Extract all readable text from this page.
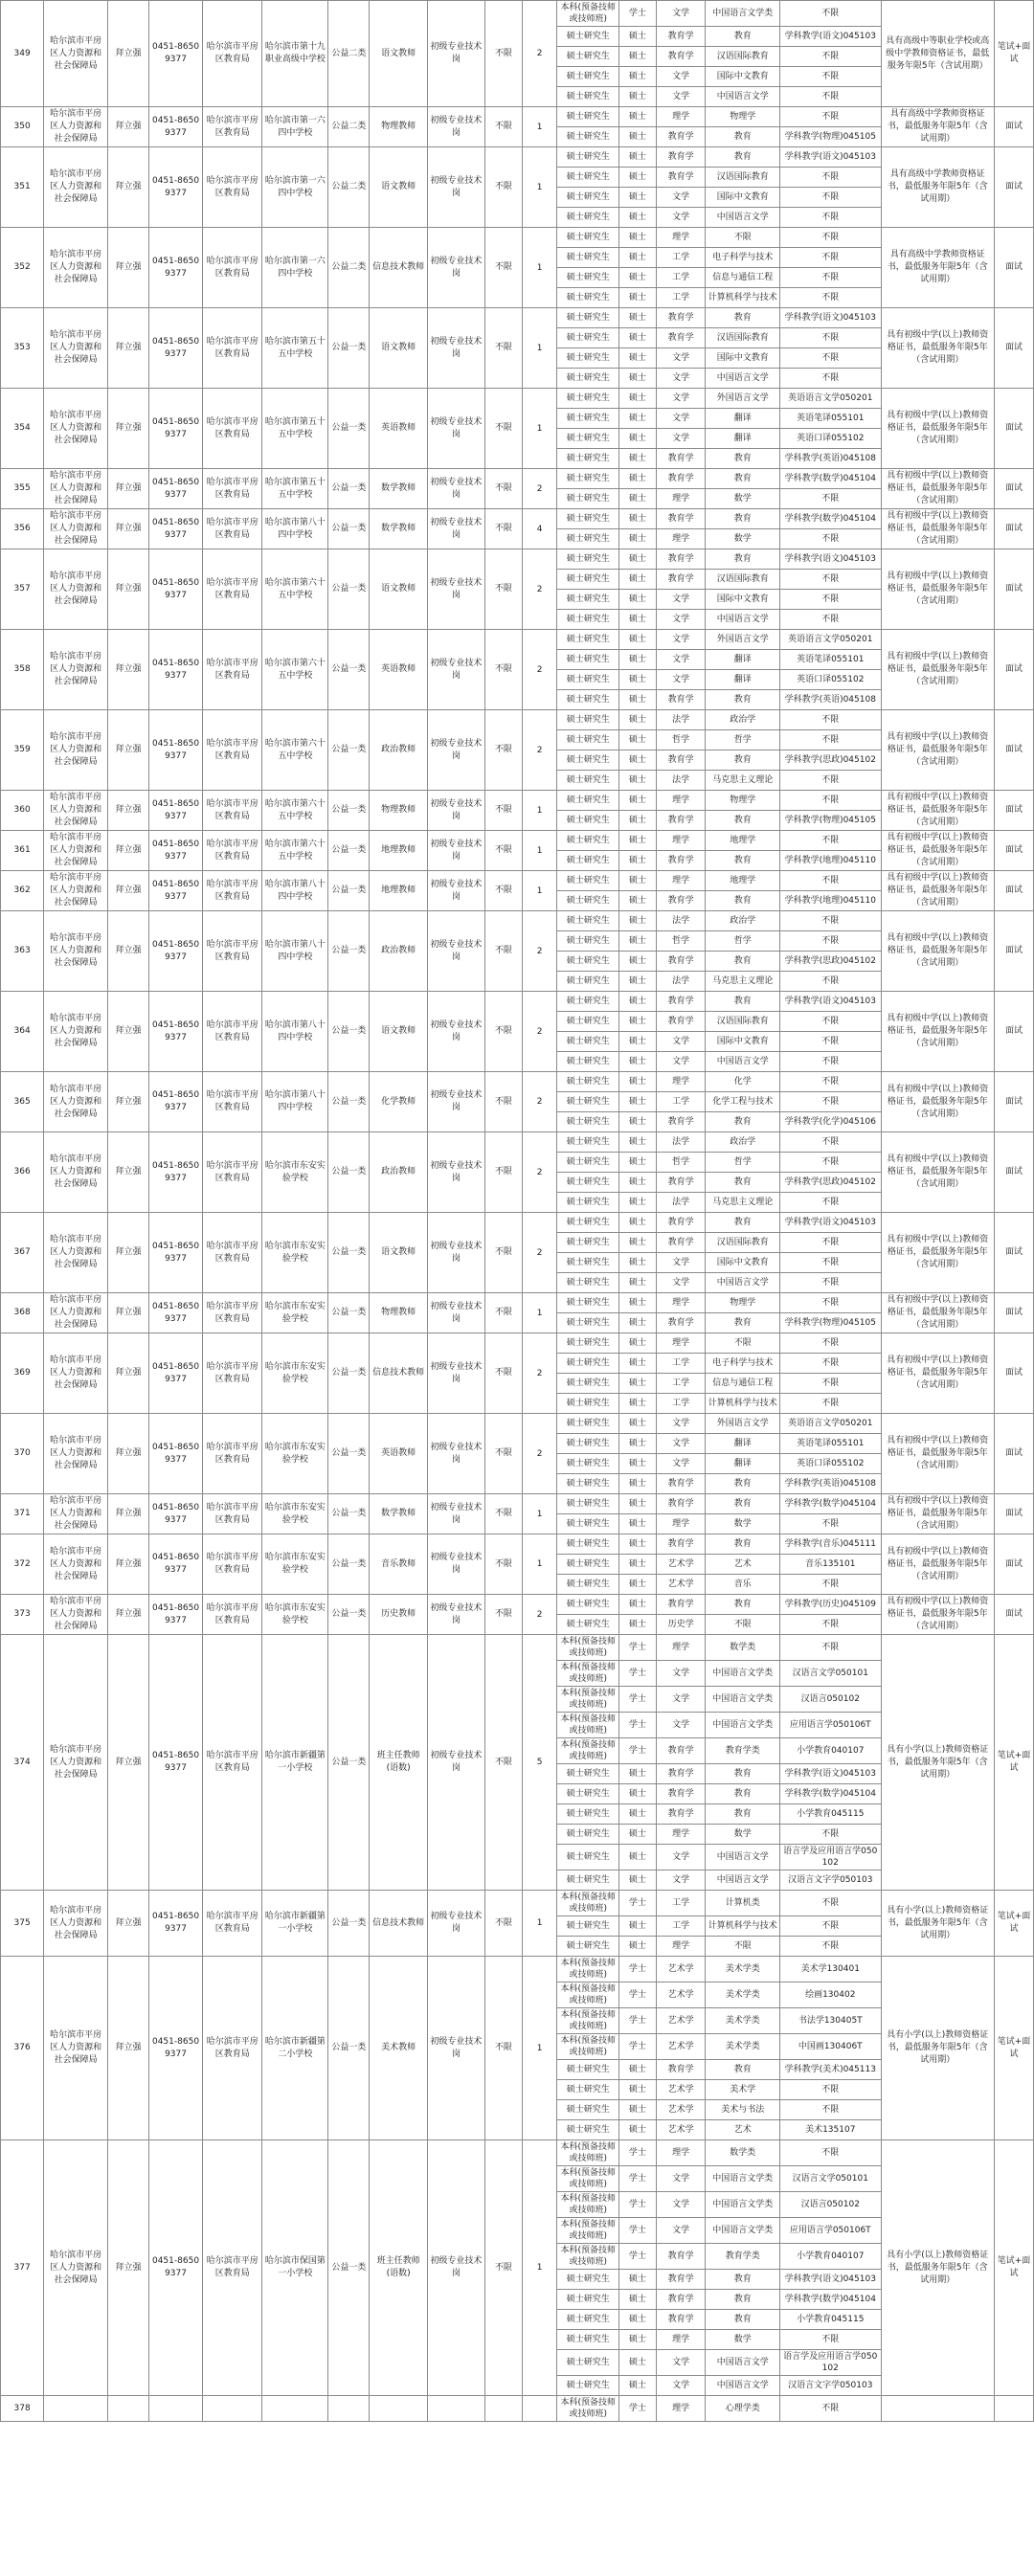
349	哈尔滨市平房区人力资源和社会保障局	拜立强	0451-86509377	哈尔滨市平房区教育局	哈尔滨市第十九职业高级中学校	公益二类	语文教师	初级专业技术岗	不限	2	本科(预备技师或技师班)	学士	文学	中国语言文学类	不限	具有高级中等职业学校或高级中学教师资格证书，最低服务年限5年（含试用期）	笔试+面试
											硕士研究生	硕士	教育学	教育	学科教学(语文)045103		
											硕士研究生	硕士	教育学	汉语国际教育	不限		
											硕士研究生	硕士	文学	国际中文教育	不限		
											硕士研究生	硕士	文学	中国语言文学	不限		
350	哈尔滨市平房区人力资源和社会保障局	拜立强	0451-86509377	哈尔滨市平房区教育局	哈尔滨市第一六四中学校	公益二类	物理教师	初级专业技术岗	不限	1	硕士研究生	硕士	理学	物理学	不限	具有高级中学教师资格证书，最低服务年限5年（含试用期）	面试
											硕士研究生	硕士	教育学	教育	学科教学(物理)045105		
351	哈尔滨市平房区人力资源和社会保障局	拜立强	0451-86509377	哈尔滨市平房区教育局	哈尔滨市第一六四中学校	公益二类	语文教师	初级专业技术岗	不限	1	硕士研究生	硕士	教育学	教育	学科教学(语文)045103	具有高级中学教师资格证书，最低服务年限5年（含试用期）	面试
											硕士研究生	硕士	教育学	汉语国际教育	不限		
											硕士研究生	硕士	文学	国际中文教育	不限		
											硕士研究生	硕士	文学	中国语言文学	不限		
352	哈尔滨市平房区人力资源和社会保障局	拜立强	0451-86509377	哈尔滨市平房区教育局	哈尔滨市第一六四中学校	公益二类	信息技术教师	初级专业技术岗	不限	1	硕士研究生	硕士	理学	不限	不限	具有高级中学教师资格证书，最低服务年限5年（含试用期）	面试
											硕士研究生	硕士	工学	电子科学与技术	不限		
											硕士研究生	硕士	工学	信息与通信工程	不限		
											硕士研究生	硕士	工学	计算机科学与技术	不限		
353	哈尔滨市平房区人力资源和社会保障局	拜立强	0451-86509377	哈尔滨市平房区教育局	哈尔滨市第五十五中学校	公益一类	语文教师	初级专业技术岗	不限	1	硕士研究生	硕士	教育学	教育	学科教学(语文)045103	具有初级中学(以上)教师资格证书，最低服务年限5年（含试用期）	面试
											硕士研究生	硕士	教育学	汉语国际教育	不限		
											硕士研究生	硕士	文学	国际中文教育	不限		
											硕士研究生	硕士	文学	中国语言文学	不限		
354	哈尔滨市平房区人力资源和社会保障局	拜立强	0451-86509377	哈尔滨市平房区教育局	哈尔滨市第五十五中学校	公益一类	英语教师	初级专业技术岗	不限	1	硕士研究生	硕士	文学	外国语言文学	英语语言文学050201	具有初级中学(以上)教师资格证书，最低服务年限5年（含试用期）	面试
											硕士研究生	硕士	文学	翻译	英语笔译055101		
											硕士研究生	硕士	文学	翻译	英语口译055102		
											硕士研究生	硕士	教育学	教育	学科教学(英语)045108		
355	哈尔滨市平房区人力资源和社会保障局	拜立强	0451-86509377	哈尔滨市平房区教育局	哈尔滨市第五十五中学校	公益一类	数学教师	初级专业技术岗	不限	2	硕士研究生	硕士	教育学	教育	学科教学(数学)045104	具有初级中学(以上)教师资格证书，最低服务年限5年（含试用期）	面试
											硕士研究生	硕士	理学	数学	不限		
356	哈尔滨市平房区人力资源和社会保障局	拜立强	0451-86509377	哈尔滨市平房区教育局	哈尔滨市第八十四中学校	公益一类	数学教师	初级专业技术岗	不限	4	硕士研究生	硕士	教育学	教育	学科教学(数学)045104	具有初级中学(以上)教师资格证书，最低服务年限5年（含试用期）	面试
											硕士研究生	硕士	理学	数学	不限		
357	哈尔滨市平房区人力资源和社会保障局	拜立强	0451-86509377	哈尔滨市平房区教育局	哈尔滨市第六十五中学校	公益一类	语文教师	初级专业技术岗	不限	2	硕士研究生	硕士	教育学	教育	学科教学(语文)045103	具有初级中学(以上)教师资格证书，最低服务年限5年（含试用期）	面试
											硕士研究生	硕士	教育学	汉语国际教育	不限		
											硕士研究生	硕士	文学	国际中文教育	不限		
											硕士研究生	硕士	文学	中国语言文学	不限		
358	哈尔滨市平房区人力资源和社会保障局	拜立强	0451-86509377	哈尔滨市平房区教育局	哈尔滨市第六十五中学校	公益一类	英语教师	初级专业技术岗	不限	2	硕士研究生	硕士	文学	外国语言文学	英语语言文学050201	具有初级中学(以上)教师资格证书，最低服务年限5年（含试用期）	面试
											硕士研究生	硕士	文学	翻译	英语笔译055101		
											硕士研究生	硕士	文学	翻译	英语口译055102		
											硕士研究生	硕士	教育学	教育	学科教学(英语)045108		
359	哈尔滨市平房区人力资源和社会保障局	拜立强	0451-86509377	哈尔滨市平房区教育局	哈尔滨市第六十五中学校	公益一类	政治教师	初级专业技术岗	不限	2	硕士研究生	硕士	法学	政治学	不限	具有初级中学(以上)教师资格证书，最低服务年限5年（含试用期）	面试
											硕士研究生	硕士	哲学	哲学	不限		
											硕士研究生	硕士	教育学	教育	学科教学(思政)045102		
											硕士研究生	硕士	法学	马克思主义理论	不限		
360	哈尔滨市平房区人力资源和社会保障局	拜立强	0451-86509377	哈尔滨市平房区教育局	哈尔滨市第六十五中学校	公益一类	物理教师	初级专业技术岗	不限	1	硕士研究生	硕士	理学	物理学	不限	具有初级中学(以上)教师资格证书，最低服务年限5年（含试用期）	面试
											硕士研究生	硕士	教育学	教育	学科教学(物理)045105		
361	哈尔滨市平房区人力资源和社会保障局	拜立强	0451-86509377	哈尔滨市平房区教育局	哈尔滨市第六十五中学校	公益一类	地理教师	初级专业技术岗	不限	1	硕士研究生	硕士	理学	地理学	不限	具有初级中学(以上)教师资格证书，最低服务年限5年（含试用期）	面试
											硕士研究生	硕士	教育学	教育	学科教学(地理)045110		
362	哈尔滨市平房区人力资源和社会保障局	拜立强	0451-86509377	哈尔滨市平房区教育局	哈尔滨市第八十四中学校	公益一类	地理教师	初级专业技术岗	不限	1	硕士研究生	硕士	理学	地理学	不限	具有初级中学(以上)教师资格证书，最低服务年限5年（含试用期）	面试
											硕士研究生	硕士	教育学	教育	学科教学(地理)045110		
363	哈尔滨市平房区人力资源和社会保障局	拜立强	0451-86509377	哈尔滨市平房区教育局	哈尔滨市第八十四中学校	公益一类	政治教师	初级专业技术岗	不限	2	硕士研究生	硕士	法学	政治学	不限	具有初级中学(以上)教师资格证书，最低服务年限5年（含试用期）	面试
											硕士研究生	硕士	哲学	哲学	不限		
											硕士研究生	硕士	教育学	教育	学科教学(思政)045102		
											硕士研究生	硕士	法学	马克思主义理论	不限		
364	哈尔滨市平房区人力资源和社会保障局	拜立强	0451-86509377	哈尔滨市平房区教育局	哈尔滨市第八十四中学校	公益一类	语文教师	初级专业技术岗	不限	2	硕士研究生	硕士	教育学	教育	学科教学(语文)045103	具有初级中学(以上)教师资格证书，最低服务年限5年（含试用期）	面试
											硕士研究生	硕士	教育学	汉语国际教育	不限		
											硕士研究生	硕士	文学	国际中文教育	不限		
											硕士研究生	硕士	文学	中国语言文学	不限		
365	哈尔滨市平房区人力资源和社会保障局	拜立强	0451-86509377	哈尔滨市平房区教育局	哈尔滨市第八十四中学校	公益一类	化学教师	初级专业技术岗	不限	2	硕士研究生	硕士	理学	化学	不限	具有初级中学(以上)教师资格证书，最低服务年限5年（含试用期）	面试
											硕士研究生	硕士	工学	化学工程与技术	不限		
											硕士研究生	硕士	教育学	教育	学科教学(化学)045106		
366	哈尔滨市平房区人力资源和社会保障局	拜立强	0451-86509377	哈尔滨市平房区教育局	哈尔滨市东安实验学校	公益一类	政治教师	初级专业技术岗	不限	2	硕士研究生	硕士	法学	政治学	不限	具有初级中学(以上)教师资格证书，最低服务年限5年（含试用期）	面试
											硕士研究生	硕士	哲学	哲学	不限		
											硕士研究生	硕士	教育学	教育	学科教学(思政)045102		
											硕士研究生	硕士	法学	马克思主义理论	不限		
367	哈尔滨市平房区人力资源和社会保障局	拜立强	0451-86509377	哈尔滨市平房区教育局	哈尔滨市东安实验学校	公益一类	语文教师	初级专业技术岗	不限	2	硕士研究生	硕士	教育学	教育	学科教学(语文)045103	具有初级中学(以上)教师资格证书，最低服务年限5年（含试用期）	面试
											硕士研究生	硕士	教育学	汉语国际教育	不限		
											硕士研究生	硕士	文学	国际中文教育	不限		
											硕士研究生	硕士	文学	中国语言文学	不限		
368	哈尔滨市平房区人力资源和社会保障局	拜立强	0451-86509377	哈尔滨市平房区教育局	哈尔滨市东安实验学校	公益一类	物理教师	初级专业技术岗	不限	1	硕士研究生	硕士	理学	物理学	不限	具有初级中学(以上)教师资格证书，最低服务年限5年（含试用期）	面试
											硕士研究生	硕士	教育学	教育	学科教学(物理)045105		
369	哈尔滨市平房区人力资源和社会保障局	拜立强	0451-86509377	哈尔滨市平房区教育局	哈尔滨市东安实验学校	公益一类	信息技术教师	初级专业技术岗	不限	2	硕士研究生	硕士	理学	不限	不限	具有初级中学(以上)教师资格证书，最低服务年限5年（含试用期）	面试
											硕士研究生	硕士	工学	电子科学与技术	不限		
											硕士研究生	硕士	工学	信息与通信工程	不限		
											硕士研究生	硕士	工学	计算机科学与技术	不限		
370	哈尔滨市平房区人力资源和社会保障局	拜立强	0451-86509377	哈尔滨市平房区教育局	哈尔滨市东安实验学校	公益一类	英语教师	初级专业技术岗	不限	2	硕士研究生	硕士	文学	外国语言文学	英语语言文学050201	具有初级中学(以上)教师资格证书，最低服务年限5年（含试用期）	面试
											硕士研究生	硕士	文学	翻译	英语笔译055101		
											硕士研究生	硕士	文学	翻译	英语口译055102		
											硕士研究生	硕士	教育学	教育	学科教学(英语)045108		
371	哈尔滨市平房区人力资源和社会保障局	拜立强	0451-86509377	哈尔滨市平房区教育局	哈尔滨市东安实验学校	公益一类	数学教师	初级专业技术岗	不限	1	硕士研究生	硕士	教育学	教育	学科教学(数学)045104	具有初级中学(以上)教师资格证书，最低服务年限5年（含试用期）	面试
											硕士研究生	硕士	理学	数学	不限		
372	哈尔滨市平房区人力资源和社会保障局	拜立强	0451-86509377	哈尔滨市平房区教育局	哈尔滨市东安实验学校	公益一类	音乐教师	初级专业技术岗	不限	1	硕士研究生	硕士	教育学	教育	学科教学(音乐)045111	具有初级中学(以上)教师资格证书，最低服务年限5年（含试用期）	面试
											硕士研究生	硕士	艺术学	艺术	音乐135101		
											硕士研究生	硕士	艺术学	音乐	不限		
373	哈尔滨市平房区人力资源和社会保障局	拜立强	0451-86509377	哈尔滨市平房区教育局	哈尔滨市东安实验学校	公益一类	历史教师	初级专业技术岗	不限	2	硕士研究生	硕士	教育学	教育	学科教学(历史)045109	具有初级中学(以上)教师资格证书，最低服务年限5年（含试用期）	面试
											硕士研究生	硕士	历史学	不限	不限		
374	哈尔滨市平房区人力资源和社会保障局	拜立强	0451-86509377	哈尔滨市平房区教育局	哈尔滨市新疆第一小学校	公益一类	班主任教师(语数)	初级专业技术岗	不限	5	本科(预备技师或技师班)	学士	理学	数学类	不限	具有小学(以上)教师资格证书，最低服务年限5年（含试用期）	笔试+面试
											本科(预备技师或技师班)	学士	文学	中国语言文学类	汉语言文学050101		
											本科(预备技师或技师班)	学士	文学	中国语言文学类	汉语言050102		
											本科(预备技师或技师班)	学士	文学	中国语言文学类	应用语言学050106T		
											本科(预备技师或技师班)	学士	教育学	教育学类	小学教育040107		
											硕士研究生	硕士	教育学	教育	学科教学(语文)045103		
											硕士研究生	硕士	教育学	教育	学科教学(数学)045104		
											硕士研究生	硕士	教育学	教育	小学教育045115		
											硕士研究生	硕士	理学	数学	不限		
											硕士研究生	硕士	文学	中国语言文学	语言学及应用语言学050102		
											硕士研究生	硕士	文学	中国语言文学	汉语言文字学050103		
375	哈尔滨市平房区人力资源和社会保障局	拜立强	0451-86509377	哈尔滨市平房区教育局	哈尔滨市新疆第一小学校	公益一类	信息技术教师	初级专业技术岗	不限	1	本科(预备技师或技师班)	学士	工学	计算机类	不限	具有小学(以上)教师资格证书，最低服务年限5年（含试用期）	笔试+面试
											硕士研究生	硕士	工学	计算机科学与技术	不限		
											硕士研究生	硕士	理学	不限	不限		
376	哈尔滨市平房区人力资源和社会保障局	拜立强	0451-86509377	哈尔滨市平房区教育局	哈尔滨市新疆第二小学校	公益一类	美术教师	初级专业技术岗	不限	1	本科(预备技师或技师班)	学士	艺术学	美术学类	美术学130401	具有小学(以上)教师资格证书，最低服务年限5年（含试用期）	笔试+面试
											本科(预备技师或技师班)	学士	艺术学	美术学类	绘画130402		
											本科(预备技师或技师班)	学士	艺术学	美术学类	书法学130405T		
											本科(预备技师或技师班)	学士	艺术学	美术学类	中国画130406T		
											硕士研究生	硕士	教育学	教育	学科教学(美术)045113		
											硕士研究生	硕士	艺术学	美术学	不限		
											硕士研究生	硕士	艺术学	美术与书法	不限		
											硕士研究生	硕士	艺术学	艺术	美术135107		
377	哈尔滨市平房区人力资源和社会保障局	拜立强	0451-86509377	哈尔滨市平房区教育局	哈尔滨市保国第一小学校	公益一类	班主任教师(语数)	初级专业技术岗	不限	1	本科(预备技师或技师班)	学士	理学	数学类	不限	具有小学(以上)教师资格证书，最低服务年限5年（含试用期）	笔试+面试
											本科(预备技师或技师班)	学士	文学	中国语言文学类	汉语言文学050101		
											本科(预备技师或技师班)	学士	文学	中国语言文学类	汉语言050102		
											本科(预备技师或技师班)	学士	文学	中国语言文学类	应用语言学050106T		
											本科(预备技师或技师班)	学士	教育学	教育学类	小学教育040107		
											硕士研究生	硕士	教育学	教育	学科教学(语文)045103		
											硕士研究生	硕士	教育学	教育	学科教学(数学)045104		
											硕士研究生	硕士	教育学	教育	小学教育045115		
											硕士研究生	硕士	理学	数学	不限		
											硕士研究生	硕士	文学	中国语言文学	语言学及应用语言学050102		
											硕士研究生	硕士	文学	中国语言文学	汉语言文字学050103		
378											本科(预备技师或技师班)	学士	理学	心理学类	不限		
